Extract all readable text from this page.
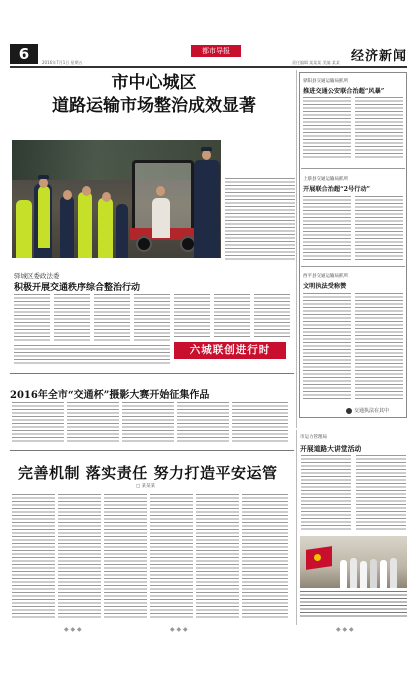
6	都市导报	经济新闻
2016年7月1日 星期五	责任编辑 某某某 美编 某某
市中心城区
道路运输市场整治成效显著
驿城区委政法委
积极开展交通秩序综合整治行动
六城联创进行时
驿阳县交通运输局抓所
推进交通公安联合治超“风暴”
上蔡县交通运输局抓所
开展联合治超“2号行动”
西平县交通运输局抓所
文明执法受称赞
交通执法在其中
2016年全市“交通杯”摄影大赛开始征集作品
完善机制 落实责任 努力打造平安运管
□ 某某某
市运力管理局
开展道路大讲堂活动
◆ ◆ ◆	◆ ◆ ◆	◆ ◆ ◆
